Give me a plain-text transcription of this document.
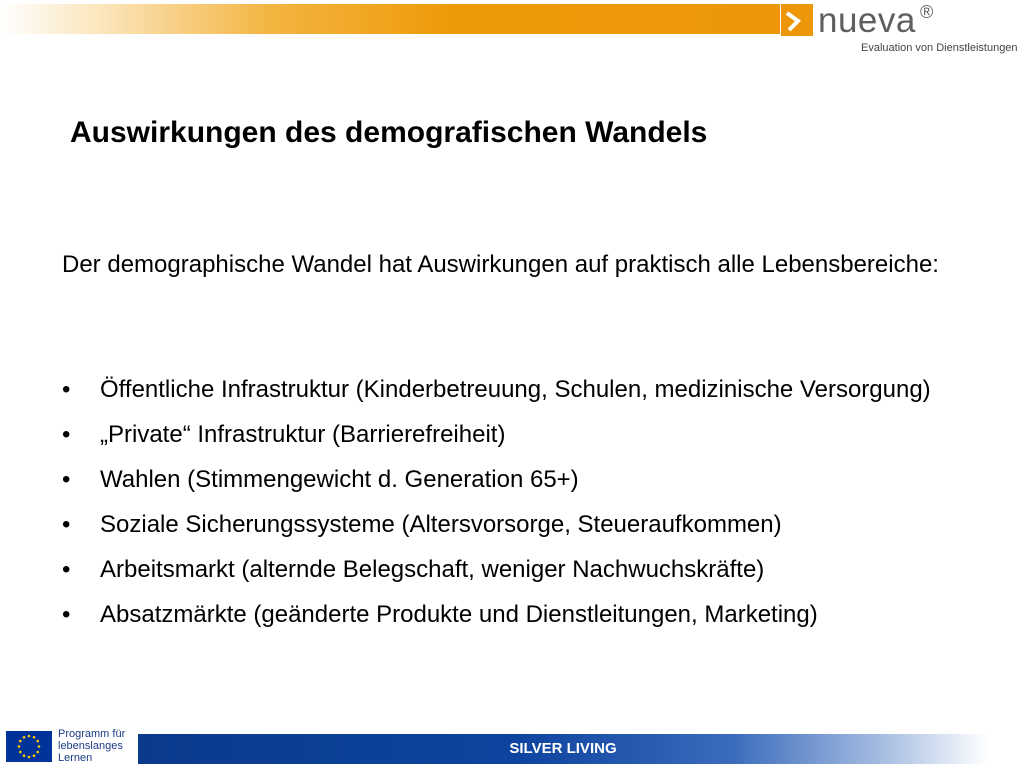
nueva ®
Evaluation von Dienstleistungen
Auswirkungen des demografischen Wandels

Der demographische Wandel hat Auswirkungen auf praktisch alle Lebensbereiche:

•	Öffentliche Infrastruktur (Kinderbetreuung, Schulen, medizinische Versorgung)
•	„Private“ Infrastruktur (Barrierefreiheit)
•	Wahlen (Stimmengewicht d. Generation 65+)
•	Soziale Sicherungssysteme (Altersvorsorge, Steueraufkommen)
•	Arbeitsmarkt (alternde Belegschaft, weniger Nachwuchskräfte)
•	Absatzmärkte (geänderte Produkte und Dienstleitungen, Marketing)
Programm für
lebenslanges
Lernen
SILVER LIVING
